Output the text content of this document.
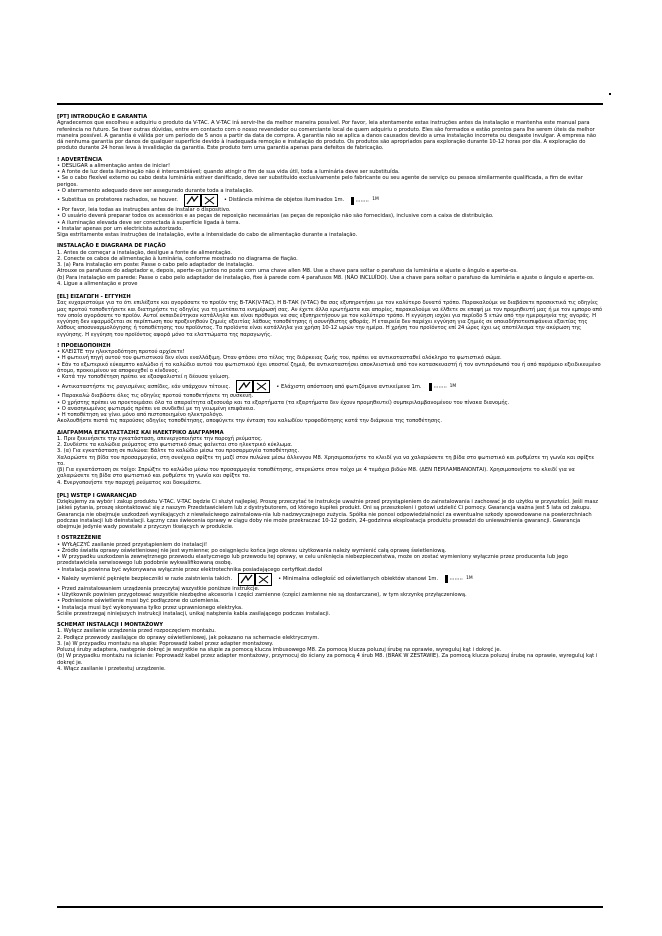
[PT] INTRODUÇÃO E GARANTIA

Agradecemos que escolheu e adquiriu o produto da V-TAC. A V-TAC irá servir-lhe da melhor maneira possível. Por favor, leia atentamente estas instruções antes da instalação e mantenha este manual para referência no futuro. Se tiver outras dúvidas, entre em contacto com o nosso revendedor ou comerciante local de quem adquiriu o produto. Eles são formados e estão prontos para lhe serem úteis da melhor maneira possível. A garantia é válida por um período de 5 anos a partir da data de compra. A garantia não se aplica a danos causados devido a uma instalação incorreta ou desgaste invulgar. A empresa não dá nenhuma garantia por danos de qualquer superfície devido à inadequada remoção e instalação do produto. Os produtos são apropriados para exploração durante 10-12 horas por dia. A exploração do produto durante 24 horas leva à invalidação da garantia. Este produto tem uma garantia apenas para defeitos de fabricação.

! ADVERTÊNCIA

• DESLIGAR a alimentação antes de iniciar!
• A fonte de luz desta iluminação não é intercambiável; quando atingir o fim de sua vida útil, toda a luminária deve ser substituída.
• Se o cabo flexível externo ou cabo desta luminária estiver danificado, deve ser substituído exclusivamente pelo fabricante ou seu agente de serviço ou pessoa similarmente qualificada, a fim de evitar perigos.
• O aterramento adequado deve ser assegurado durante toda a instalação.
• Substitua os protetores rachados, se houver.	• Distância mínima de objetos iluminados 1m.	1M
• Por favor, leia todas as instruções antes de instalar o dispositivo.
• O usuário deverá preparar todos os acessórios e as peças de reposição necessárias (as peças de reposição não são fornecidas), inclusive com a caixa de distribuição.
• A iluminação elevada deve ser conectada à superfície ligada à terra.
• Instalar apenas por um electricista autorizado.

Siga estritamente estas instruções de instalação, evite a intensidade do cabo de alimentação durante a instalação.

INSTALAÇÃO E DIAGRAMA DE FIAÇÃO

1. Antes de começar a instalação, desligue a fonte de alimentação.

2. Conecte os cabos de alimentação à luminária, conforme mostrado no diagrama de fiação.

3. (a) Para instalação em poste: Passe o cabo pelo adaptador de instalação.

Atrouxe os parafusos do adaptador e, depois, aperte-os juntos no poste com uma chave allen M8. Use a chave para soltar o parafuso da luminária e ajuste o ângulo e aperte-os.

(b) Para instalação em parede: Passe o cabo pelo adaptador de instalação, fixe à parede com 4 parafusos M8. (NÃO INCLUÍDO). Use a chave para soltar o parafuso da luminária e ajuste o ângulo e aperte-os.

4. Ligue a alimentação e prove

[EL] ΕΙΣΑΓΩΓΗ - ΕΓΓΥΗΣΗ

Σας ευχαριστούμε για το ότι επιλέξατε και αγοράσατε το προϊόν της В-ТАК(V-TAC). Η В-ТАК (V-TAC) θα σας εξυπηρετήσει με τον καλύτερο δυνατό τρόπο. Παρακαλούμε να διαβάσετε προσεκτικά τις οδηγίες μας προτού τοποθετήσετε και διατηρήστε τις οδηγίες για τη μετέπειτα ενημέρωσή σας. Αν έχετε άλλα ερωτήματα και απορίες, παρακαλούμε να έλθετε σε επαφή με τον προμηθευτή μας ή με τον εμπορο από τον οποίο αγοράσατε το προϊόν. Αυτοί εκπαιδεύτηκαν κατάλληλα και είναι πρόθυμοι να σας εξυπηρετήσουν με τον καλύτερο τρόπο. Η εγγύηση ισχύει για περίοδο 5 ετών από την ημερομηνία της αγοράς. Η εγγύηση δεν εφαρμόζεται σε περίπτωση που προξενηθούν ζημιές εξαιτίας λάθους τοποθέτησης ή ασυνήθιστης φθοράς. Η εταιρεία δεν παρέχει εγγύηση για ζημιές σε οποιαδήποτεεπιφάνεια εξαιτίας της λάθους αποσυναρμολόγησης ή τοποθέτησης του προϊόντος. Τα προϊόντα είναι κατάλληλα για χρήση 10-12 ωρών την ημέρα. Η χρήση του προϊόντος επί 24 ώρες έχει ως αποτέλεσμα την ακύρωση της εγγύησης. Η εγγύηση του προϊόντος αφορά μόνο τα ελαττώματα της παραγωγής.

! ΠΡΟΕΙΔΟΠΟΙΗΣΗ

• ΚΛΕΙΣΤΕ την ηλεκτροδότηση προτού αρχίσετε!
• Η φωτεινή πηγή αυτού του φωτιστικού δεν είναι εναλλάξιμη. Όταν φτάσει στο τέλος της διάρκειας ζωής του, πρέπει να αντικατασταθεί ολόκληρο το φωτιστικό σώμα.
• Εάν το εξωτερικό εύκαμπτο καλώδιο ή το καλώδιο αυτού του φωτιστικού έχει υποστεί ζημιά, θα αντικαταστήσει αποκλειστικά από τον κατασκευαστή ή τον αντιπρόσωπό του ή από παρόμοιο εξειδικευμένο άτομο, προκειμένου να αποφευχθεί ο κίνδυνος.
• Κατά την τοποθέτηση πρέπει να εξασφαλιστεί η δέουσα γείωση.
• Αντικαταστήστε τις ραγισμένες ασπίδες, εάν υπάρχουν τέτοιες.	• Ελάχιστη απόσταση από φωτιζόμενα αντικείμενα 1m.	1M
• Παρακαλώ διαβάστε όλες τις οδηγίες προτού τοποθετήσετε τη συσκευή.
• Ο χρήστης πρέπει να προετοιμάσει όλα τα απαραίτητα αξεσουάρ και τα εξαρτήματα (τα εξαρτήματα δεν έχουν προμηθευτεί) συμπεριλαμβανομένου του πίνακα διανομής.
• Ο ανασηκωμένος φωτισμός πρέπει να συνδεθεί με τη γειωμένη επιφάνεια.
• Η τοποθέτηση να γίνει μόνο από πιστοποιημένο ηλεκτρολόγο.

Ακολουθήστε πιστά τις παρούσες οδηγίες τοποθέτησης, αποφύγετε την ένταση του καλωδίου τροφοδότησης κατά την διάρκεια της τοποθέτησης.

ΔΙΑΓΡΑΜΜΑ ΕΓΚΑΤΑΣΤΑΣΗΣ ΚΑΙ ΗΛΕΚΤΡΙΚΟ ΔΙΑΓΡΑΜΜΑ

1. Πριν ξεκινήσετε την εγκατάσταση, απενεργοποιήστε την παροχή ρεύματος.

2. Συνδέστε τα καλώδια ρεύματος στο φωτιστικό όπως φαίνεται στο ηλεκτρικό κύκλωμα.

3. (α) Για εγκατάσταση σε πυλώνα: Βάλτε το καλώδιο μέσω του προσαρμογέα τοποθέτησης.

Χαλαρώστε τη βίδα του προσαρμογέα, στη συνέχεια σφίξτε τη μαζί στον πυλώνα μέσω άλλενγου M8. Χρησιμοποιήστε το κλειδί για να χαλαρώσετε τη βίδα στο φωτιστικό και ρυθμίστε τη γωνία και σφίξτε το.

(β) Για εγκατάσταση σε τοίχο: Σπρώξτε το καλώδιο μέσω του προσαρμογέα τοποθέτησης, στερεώστε στον τοίχο με 4 τεμάχια βιδών M8. (ΔΕΝ ΠΕΡΙΛΑΜΒΑΝΟΝΤΑΙ). Χρησιμοποιήστε το κλειδί για να χαλαρώσετε τη βίδα στο φωτιστικό και ρυθμίστε τη γωνία και σφίξτε τα.

4. Ενεργοποιήστε την παροχή ρεύματος και δοκιμάστε.

[PL] WSTĘP I GWARANCJAD

Dziękujemy za wybór i zakup produktu V-TAC. V-TAC będzie Ci służył najlepiej. Proszę przeczytać te instrukcje uważnie przed przystąpieniem do zainstalowania i zachować je do użytku w przyszłości. Jeśli masz jakieś pytania, proszę skontaktować się z naszym Przedstawicielem lub z dystrybutorem, od którego kupiłeś produkt. Oni są przeszkoleni i gotowi udzielić Ci pomocy. Gwarancja ważna jest 5 lata od zakupu. Gwarancja nie obejmuje uszkodzeń wynikających z niewłaściwego zainstalowa-nia lub nadzwyczajnego zużycia. Spółka nie ponosi odpowiedzialności za ewentualne szkody spowodowane na powierzchniach podczas instalacji lub deinstalacji. Łączny czas świecenia oprawy w ciągu doby nie może przekraczać 10-12 godzin, 24-godzinna eksploatacja produktu prowadzi do unieważnienia gwarancji. Gwarancja obejmuje jedynie wady powstałe z przyczyn tkwiących w produkcie.

! OSTRZEŻENIE

• WYŁĄCZYĆ zasilanie przed przystąpieniem do instalacji!
• Źródło światła oprawy oświetleniowej nie jest wymienne; po osiągnięciu końca jego okresu użytkowania należy wymienić całą oprawę świetleniową.
• W przypadku uszkodzenia zewnętrznego przewodu elastycznego lub przewodu tej oprawy, w celu uniknięcia niebezpieczeństwa, może on zostać wymieniony wyłącznie przez producenta lub jego przedstawiciela serwisowego lub podobnie wykwalifikowaną osobę.
• Instalacja powinna być wykonywana wyłącznie przez elektrotechnika posiadającego certyfikat.dadol
• Należy wymienić pęknięte bezpieczniki w razie zaistnienia takich.	• Minimalna odległość od oświetlanych obiektów stanowi 1m.	1M
• Przed zainstalowaniem urządzenia przeczytaj wszystkie poniższe instrukcje.
• Użytkownik powinien przygotować wszystkie niezbędne akcesoria i części zamienne (części zamienne nie są dostarczane), w tym skrzynkę przyłączeniową.
• Podniesione oświetlenie musi być podłączone do uziemienia.
• Instalacja musi być wykonywana tylko przez uprawnionego elektryka.

Ściśle przestrzegaj niniejszych instrukcji instalacji, unikaj natężenia kabla zasilającego podczas instalacji.

SCHEMAT INSTALACJI I MONTAŻOWY

1. Wyłącz zasilanie urządzenia przed rozpoczęciem montażu.

2. Podłącz przewody zasilające do oprawy oświetleniowej, jak pokazano na schemacie elektrycznym.

3. (a) W przypadku montażu na słupie: Poprowadź kabel przez adapter montażowy.

Poluzuj śruby adaptera, następnie dokręć je wszystkie na słupie za pomocą klucza imbusowego M8. Za pomocą klucza poluzuj śrubę na oprawie, wyreguluj kąt i dokręć je.

(b) W przypadku montażu na ścianie: Poprowadź kabel przez adapter montażowy, przymocuj do ściany za pomocą 4 śrub M8. (BRAK W ZESTAWIE). Za pomocą klucza poluzuj śrubę na oprawie, wyreguluj kąt i dokręć je.

4. Włącz zasilanie i przetestuj urządzenie.
